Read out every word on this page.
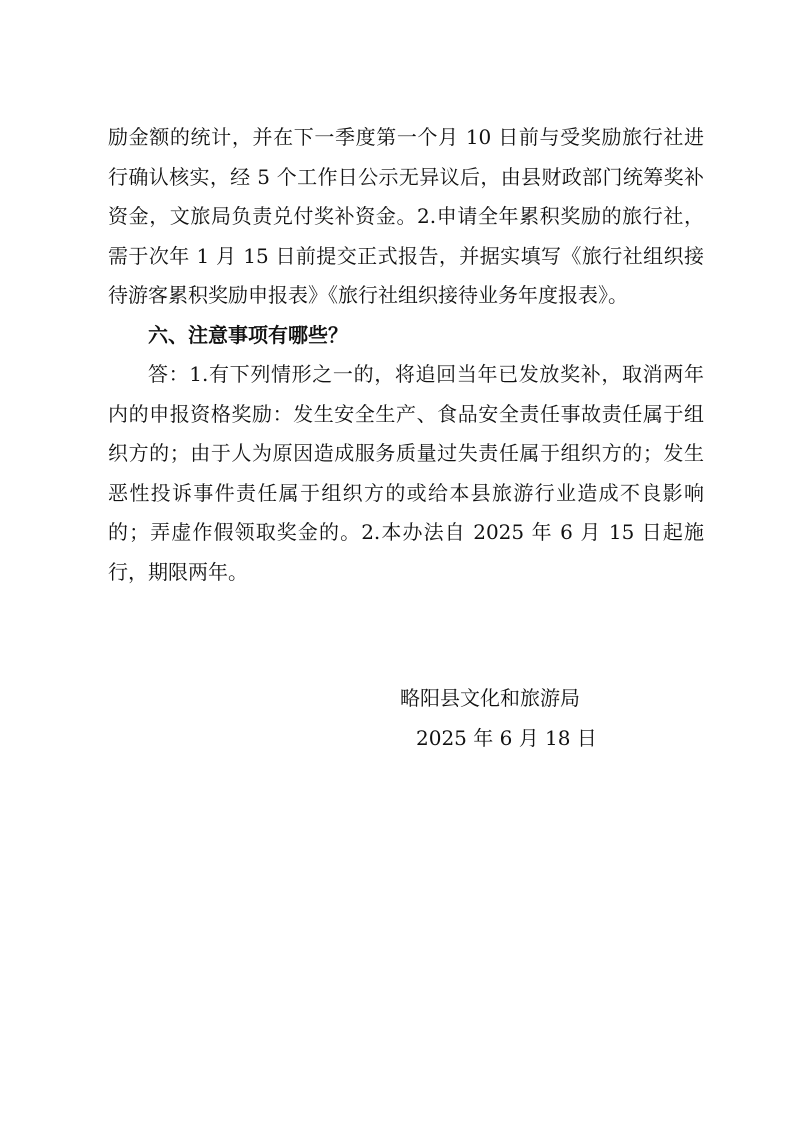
励金额的统计，并在下一季度第一个月 10 日前与受奖励旅行社进行确认核实，经 5 个工作日公示无异议后，由县财政部门统筹奖补资金，文旅局负责兑付奖补资金。2.申请全年累积奖励的旅行社，需于次年 1 月 15 日前提交正式报告，并据实填写《旅行社组织接待游客累积奖励申报表》《旅行社组织接待业务年度报表》。

六、注意事项有哪些？

答：1.有下列情形之一的，将追回当年已发放奖补，取消两年内的申报资格奖励：发生安全生产、食品安全责任事故责任属于组织方的；由于人为原因造成服务质量过失责任属于组织方的；发生恶性投诉事件责任属于组织方的或给本县旅游行业造成不良影响的；弄虚作假领取奖金的。2.本办法自 2025 年 6 月 15 日起施行，期限两年。

略阳县文化和旅游局

2025 年 6 月 18 日
